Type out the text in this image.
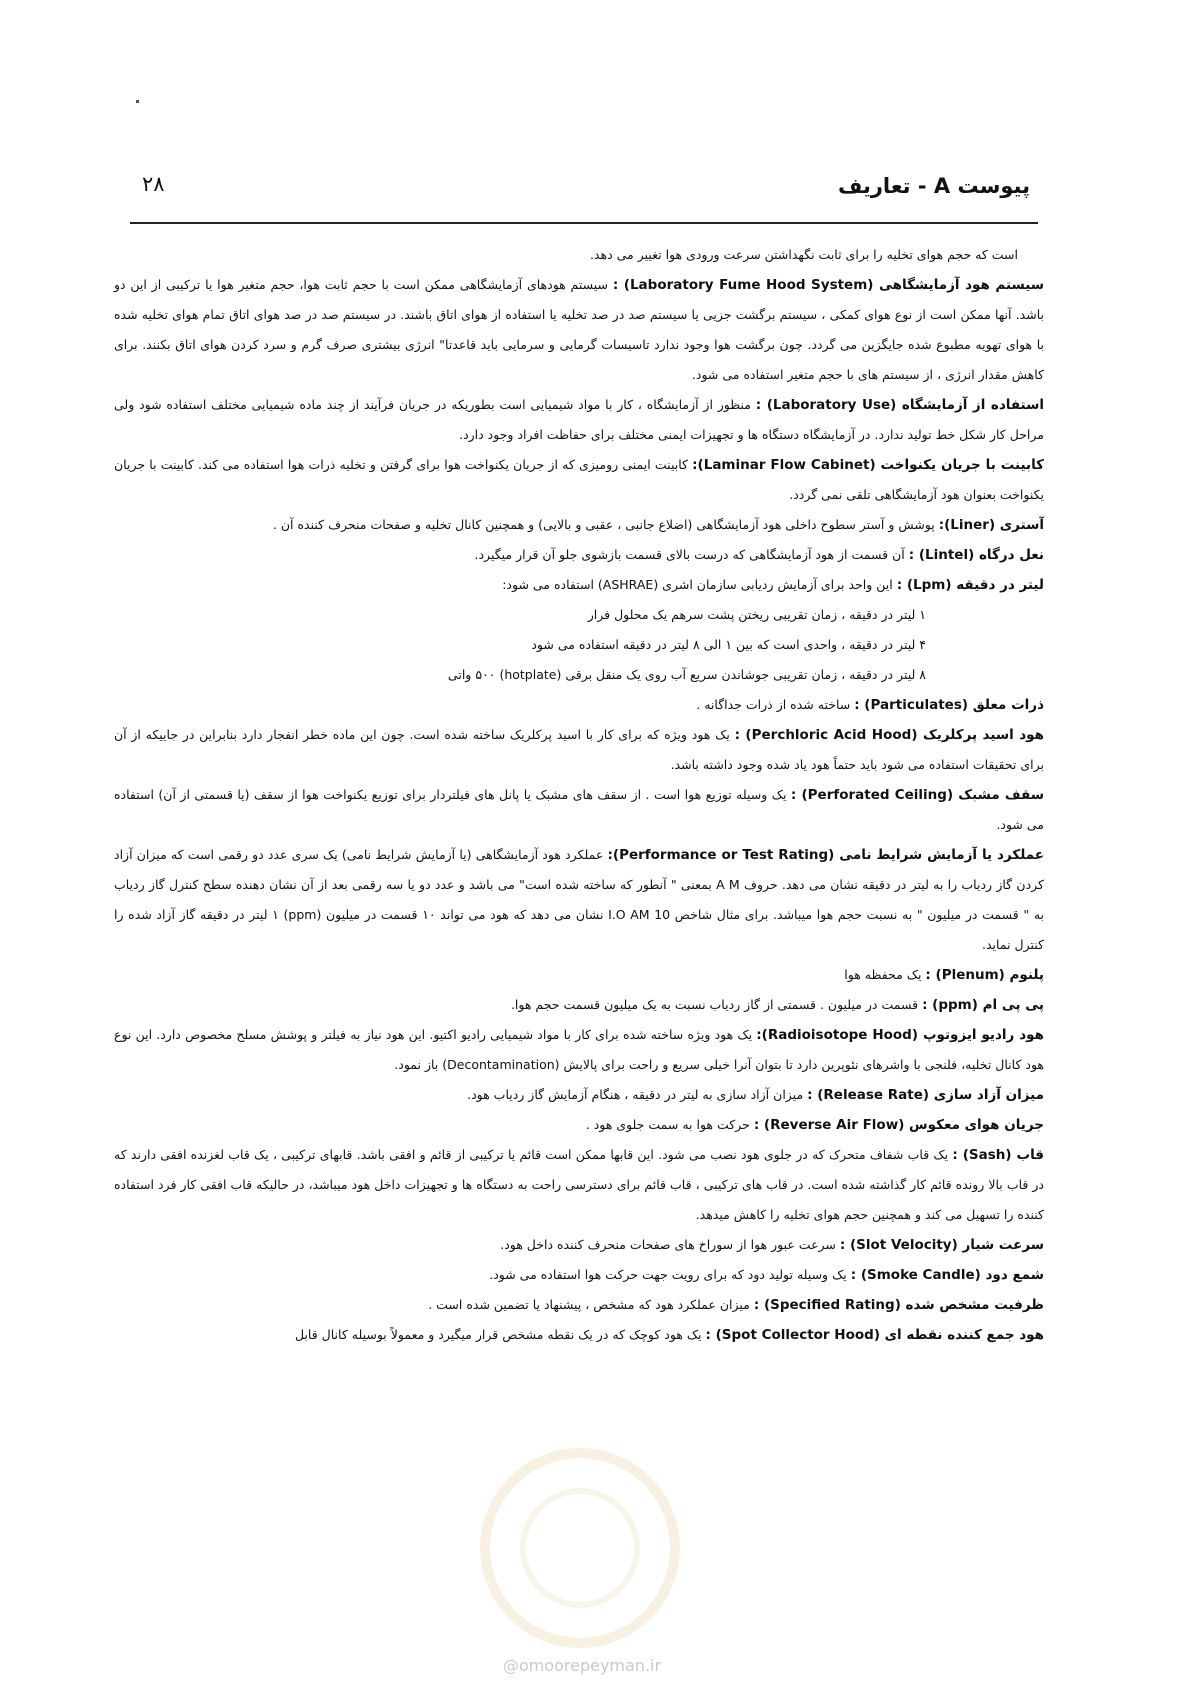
پیوست A - تعاریف
۲۸

است که حجم هوای تخلیه را برای ثابت نگهداشتن سرعت ورودی هوا تغییر می دهد.

سیستم هود آزمایشگاهی (Laboratory Fume Hood System) : سیستم هودهای آزمایشگاهی ممکن است با حجم ثابت هوا، حجم متغیر هوا یا ترکیبی از این دو باشد. آنها ممکن است از نوع هوای کمکی ، سیستم برگشت جزیی یا سیستم صد در صد تخلیه یا استفاده از هوای اتاق باشند. در سیستم صد در صد هوای اتاق تمام هوای تخلیه شده با هوای تهویه مطبوع شده جایگزین می گردد. چون برگشت هوا وجود ندارد تاسیسات گرمایی و سرمایی باید قاعدتا" انرژی بیشتری صرف گرم و سرد کردن هوای اتاق بکنند. برای کاهش مقدار انرژی ، از سیستم های با حجم متغیر استفاده می شود.

استفاده از آزمایشگاه (Laboratory Use) : منظور از آزمایشگاه ، کار با مواد شیمیایی است بطوریکه در جریان فرآیند از چند ماده شیمیایی مختلف استفاده شود ولی مراحل کار شکل خط تولید ندارد. در آزمایشگاه دستگاه ها و تجهیزات ایمنی مختلف برای حفاظت افراد وجود دارد.

کابینت با جریان یکنواخت (Laminar Flow Cabinet): کابینت ایمنی رومیزی که از جریان یکنواخت هوا برای گرفتن و تخلیه ذرات هوا استفاده می کند. کابینت با جریان یکنواخت بعنوان هود آزمایشگاهی تلقی نمی گردد.

آستری (Liner): پوشش و آستر سطوح داخلی هود آزمایشگاهی (اضلاع جانبی ، عقبی و بالایی) و همچنین کانال تخلیه و صفحات منحرف کننده آن .

نعل درگاه (Lintel) : آن قسمت از هود آزمایشگاهی که درست بالای قسمت بازشوی جلو آن قرار میگیرد.

لیتر در دقیقه (Lpm) : این واحد برای آزمایش ردیابی سازمان اشری (ASHRAE) استفاده می شود:

۱ لیتر در دقیقه ، زمان تقریبی ریختن پشت سرهم یک محلول فرار

۴ لیتر در دقیقه ، واحدی است که بین ۱ الی ۸ لیتر در دقیقه استفاده می شود

۸ لیتر در دقیقه ، زمان تقریبی جوشاندن سریع آب روی یک منقل برقی (hotplate) ۵۰۰ واتی

ذرات معلق (Particulates) : ساخته شده از ذرات جداگانه .

هود اسید پرکلریک (Perchloric Acid Hood) : یک هود ویژه که برای کار با اسید پرکلریک ساخته شده است. چون این ماده خطر انفجار دارد بنابراین در جاییکه از آن برای تحقیقات استفاده می شود باید حتماً هود یاد شده وجود داشته باشد.

سقف مشبک (Perforated Ceiling) : یک وسیله توزیع هوا است . از سقف های مشبک یا پانل های فیلتردار برای توزیع یکنواخت هوا از سقف (یا قسمتی از آن) استفاده می شود.

عملکرد یا آزمایش شرایط نامی (Performance or Test Rating): عملکرد هود آزمایشگاهی (یا آزمایش شرایط نامی) یک سری عدد دو رقمی است که میزان آزاد کردن گاز ردیاب را به لیتر در دقیقه نشان می دهد. حروف A M بمعنی " آنطور که ساخته شده است" می باشد و عدد دو یا سه رقمی بعد از آن نشان دهنده سطح کنترل گاز ردیاب به " قسمت در میلیون " به نسبت حجم هوا میباشد. برای مثال شاخص 10 I.O AM نشان می دهد که هود می تواند ۱۰ قسمت در میلیون (ppm) ۱ لیتر در دقیقه گاز آزاد شده را کنترل نماید.

پلنوم (Plenum) : یک محفظه هوا

پی پی ام (ppm) : قسمت در میلیون . قسمتی از گاز ردیاب نسبت به یک میلیون قسمت حجم هوا.

هود رادیو ایزوتوپ (Radioisotope Hood): یک هود ویژه ساخته شده برای کار با مواد شیمیایی رادیو اکتیو. این هود نیاز به فیلتر و پوشش مسلح مخصوص دارد. این نوع هود کانال تخلیه، فلنجی با واشرهای نئوپرین دارد تا بتوان آنرا خیلی سریع و راحت برای پالایش (Decontamination) باز نمود.

میزان آزاد سازی (Release Rate) : میزان آزاد سازی به لیتر در دقیقه ، هنگام آزمایش گاز ردیاب هود.

جریان هوای معکوس (Reverse Air Flow) : حرکت هوا به سمت جلوی هود .

قاب (Sash) : یک قاب شفاف متحرک که در جلوی هود نصب می شود. این قابها ممکن است قائم یا ترکیبی از قائم و افقی باشد. قابهای ترکیبی ، یک قاب لغزنده افقی دارند که در قاب بالا رونده قائم کار گذاشته شده است. در قاب های ترکیبی ، قاب قائم برای دسترسی راحت به دستگاه ها و تجهیزات داخل هود میباشد، در حالیکه قاب افقی کار فرد استفاده کننده را تسهیل می کند و همچنین حجم هوای تخلیه را کاهش میدهد.

سرعت شیار (Slot Velocity) : سرعت عبور هوا از سوراخ های صفحات منحرف کننده داخل هود.

شمع دود (Smoke Candle) : یک وسیله تولید دود که برای رویت جهت حرکت هوا استفاده می شود.

ظرفیت مشخص شده (Specified Rating) : میزان عملکرد هود که مشخص ، پیشنهاد یا تضمین شده است .

هود جمع کننده نقطه ای (Spot Collector Hood) : یک هود کوچک که در یک نقطه مشخص قرار میگیرد و معمولاً بوسیله کانال قابل

@omoorepeyman.ir
